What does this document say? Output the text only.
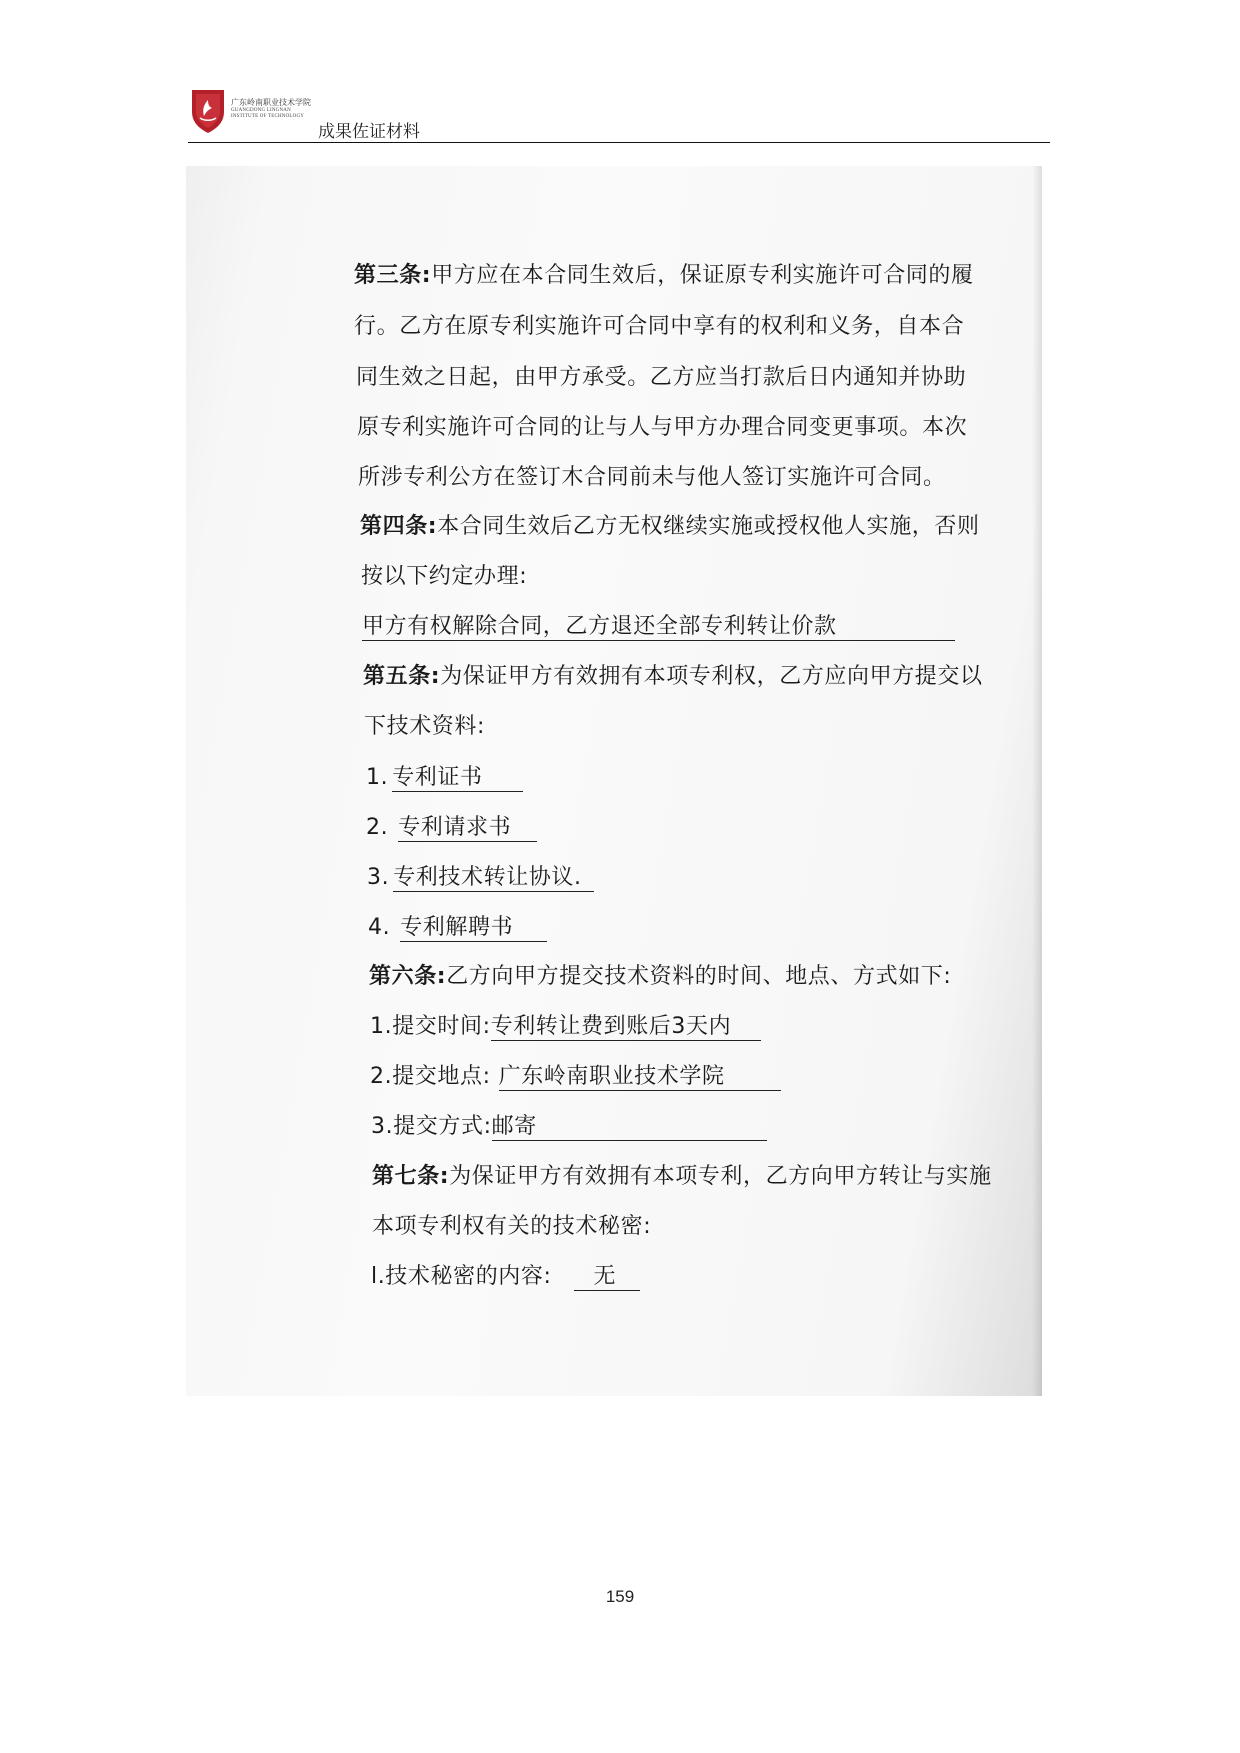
广东岭南职业技术学院
GUANGDONG LINGNAN
INSTITUTE OF TECHNOLOGY
成果佐证材料
第三条:甲方应在本合同生效后，保证原专利实施许可合同的履
行。乙方在原专利实施许可合同中享有的权利和义务，自本合
同生效之日起，由甲方承受。乙方应当打款后日内通知并协助
原专利实施许可合同的让与人与甲方办理合同变更事项。本次
所涉专利公方在签订木合同前未与他人签订实施许可合同。
第四条:本合同生效后乙方无权继续实施或授权他人实施，否则
按以下约定办理:
甲方有权解除合同，乙方退还全部专利转让价款
第五条:为保证甲方有效拥有本项专利权，乙方应向甲方提交以
下技术资料:
1. 专利证书
2. 专利请求书
3. 专利技术转让协议.
4. 专利解聘书
第六条:乙方向甲方提交技术资料的时间、地点、方式如下:
1.提交时间:专利转让费到账后3天内
2.提交地点: 广东岭南职业技术学院
3.提交方式:邮寄
第七条:为保证甲方有效拥有本项专利，乙方向甲方转让与实施
本项专利权有关的技术秘密:
l.技术秘密的内容: 无
159
